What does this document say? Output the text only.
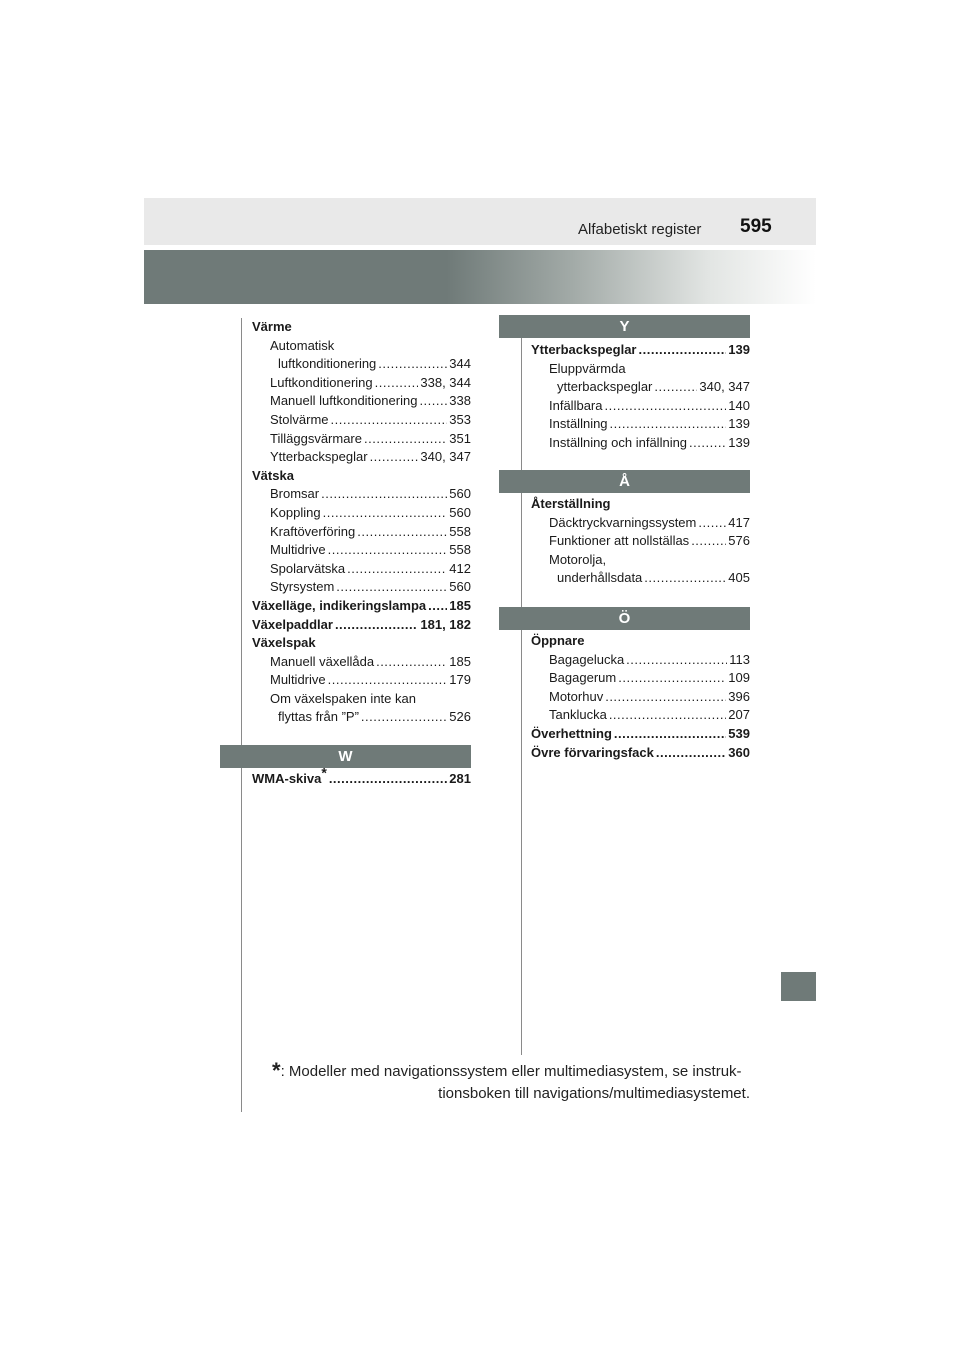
Alfabetiskt register 595
Värme
Automatisk
luftkonditionering .....	344
Luftkonditionering .....	338, 344
Manuell luftkonditionering ..... 338
Stolvärme .....	353
Tilläggsvärmare .....	351
Ytterbackspeglar .....	340, 347
Vätska
Bromsar .....	560
Koppling .....	560
Kraftöverföring .....	558
Multidrive .....	558
Spolarvätska .....	412
Styrsystem .....	560
Växelläge, indikeringslampa ..... 185
Växelpaddlar .....	181, 182
Växelspak
Manuell växellåda .....	185
Multidrive .....	179
Om växelspaken inte kan
flyttas från ”P” .....	526
W
WMA-skiva* .....	281
Y
Ytterbackspeglar .....	139
Eluppvärmda
ytterbackspeglar .....	340, 347
Infällbara .....	140
Inställning .....	139
Inställning och infällning .....	139
Å
Återställning
Däcktryckvarningssystem ..... 417
Funktioner att nollställas .....	576
Motorolja,
underhållsdata .....	405
Ö
Öppnare
Bagagelucka .....	113
Bagagerum .....	109
Motorhuv .....	396
Tanklucka .....	207
Överhettning .....	539
Övre förvaringsfack .....	360
*: Modeller med navigationssystem eller multimediasystem, se instruk-
tionsboken till navigations/multimediasystemet.
